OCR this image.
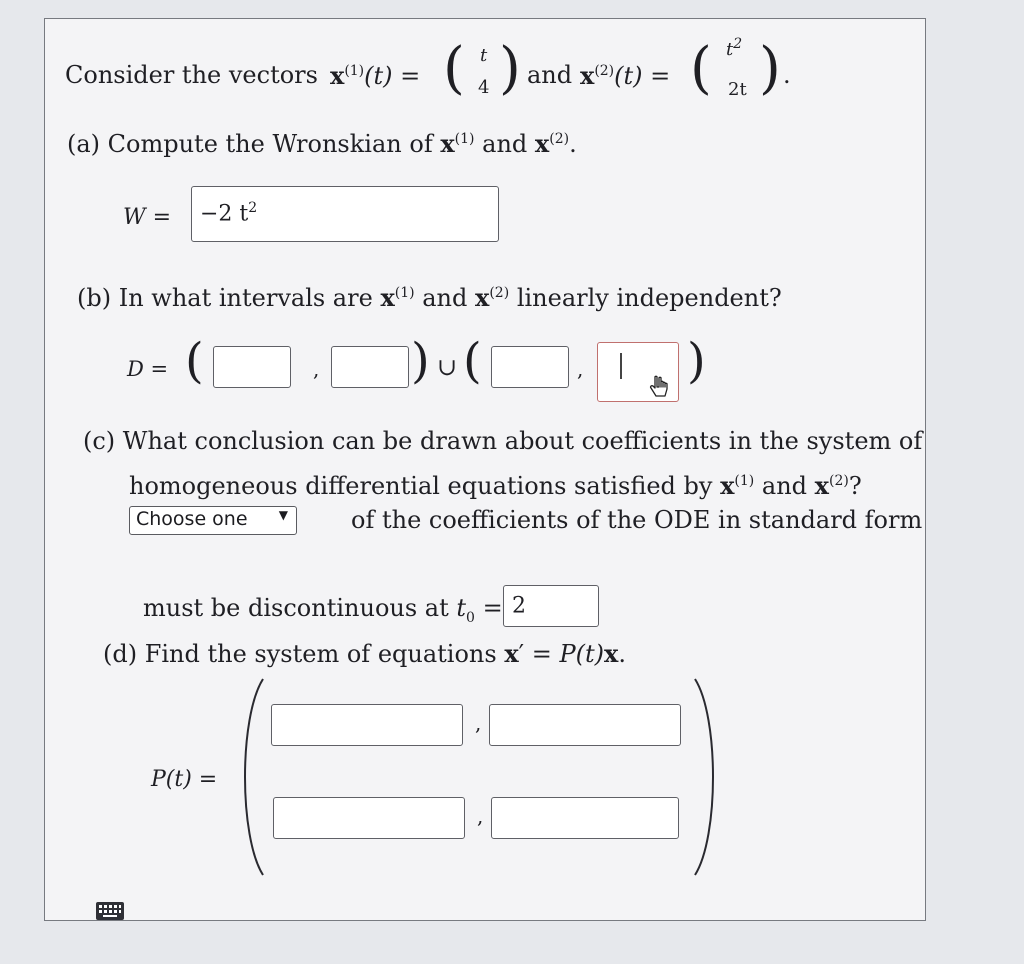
Consider the vectors $x^{(1)}(t)$ = ( t
4 ) and $x^{(2)}(t)$ = ( $t^2$
2t ) .
(a) Compute the Wronskian of $x^{(1)}$ and $x^{(2)}$.
W = −2 $t^2$
(b) In what intervals are $x^{(1)}$ and $x^{(2)}$ linearly independent?
D = (	, ) ∪ (	, )
(c) What conclusion can be drawn about coefficients in the system of
homogeneous differential equations satisfied by $x^{(1)}$ and $x^{(2)}$?
Choose one	▼	of the coefficients of the ODE in standard form
must be discontinuous at $t_0 = 2$
(d) Find the system of equations x′ = P(t)x.
P(t) =
,
,
